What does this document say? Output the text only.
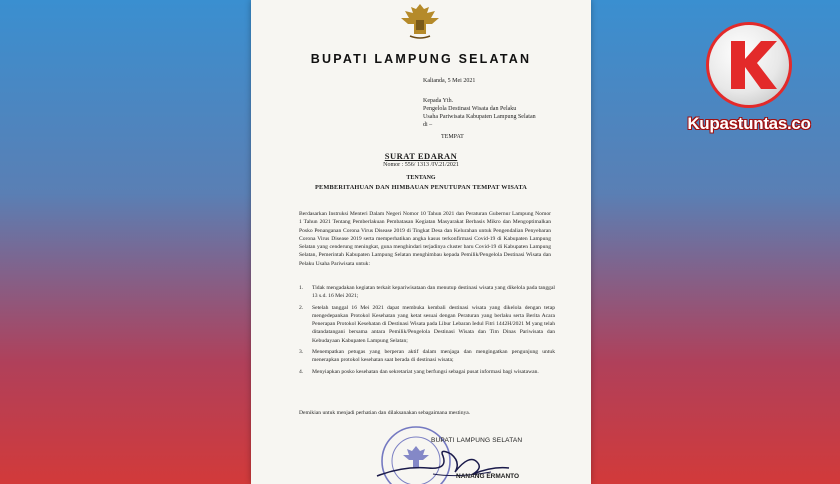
BUPATI LAMPUNG SELATAN
Kalianda, 5 Mei 2021
Kepada Yth.
Pengelola Destinasi Wisata dan Pelaku
Usaha Pariwisata Kabupaten Lampung Selatan
di –
TEMPAT
SURAT EDARAN
Nomor : 556/ 1313 /IV.21/2021
TENTANG
PEMBERITAHUAN DAN HIMBAUAN PENUTUPAN TEMPAT WISATA

Berdasarkan Instruksi Menteri Dalam Negeri Nomor 10 Tahun 2021 dan Peraturan Gubernur Lampung Nomor 1 Tahun 2021 Tentang Pemberlakuan Pembatasan Kegiatan Masyarakat Berbasis Mikro dan Mengoptimalkan Posko Penanganan Corona Virus Disease 2019 di Tingkat Desa dan Kelurahan untuk Pengendalian Penyebaran Corona Virus Disease 2019 serta memperhatikan angka kasus terkonfirmasi Covid-19 di Kabupaten Lampung Selatan yang cenderung meningkat, guna menghindari terjadinya cluster baru Covid-19 di Kabupaten Lampung Selatan, Pemerintah Kabupaten Lampung Selatan menghimbau kepada Pemilik/Pengelola Destinasi Wisata dan Pelaku Usaha Pariwisata untuk:

1. Tidak mengadakan kegiatan terkait kepariwisataan dan menutup destinasi wisata yang dikelola pada tanggal 13 s.d. 16 Mei 2021;
2. Setelah tanggal 16 Mei 2021 dapat membuka kembali destinasi wisata yang dikelola dengan tetap mengedepankan Protokol Kesehatan yang ketat sesuai dengan Peraturan yang berlaku serta Berita Acara Penerapan Protokol Kesehatan di Destinasi Wisata pada Libur Lebaran Iedul Fitri 1442H/2021 M yang telah ditandatangani bersama antara Pemilik/Pengelola Destinasi Wisata dan Tim Dinas Pariwisata dan Kebudayaan Kabupaten Lampung Selatan;
3. Menempatkan petugas yang berperan aktif dalam menjaga dan mengingatkan pengunjung untuk menerapkan protokol kesehatan saat berada di destinasi wisata;
4. Menyiapkan posko kesehatan dan sekretariat yang berfungsi sebagai pusat informasi bagi wisatawan.
Demikian untuk menjadi perhatian dan dilaksanakan sebagaimana mestinya.
BUPATI LAMPUNG SELATAN
NANANG ERMANTO
Kupastuntas.co
